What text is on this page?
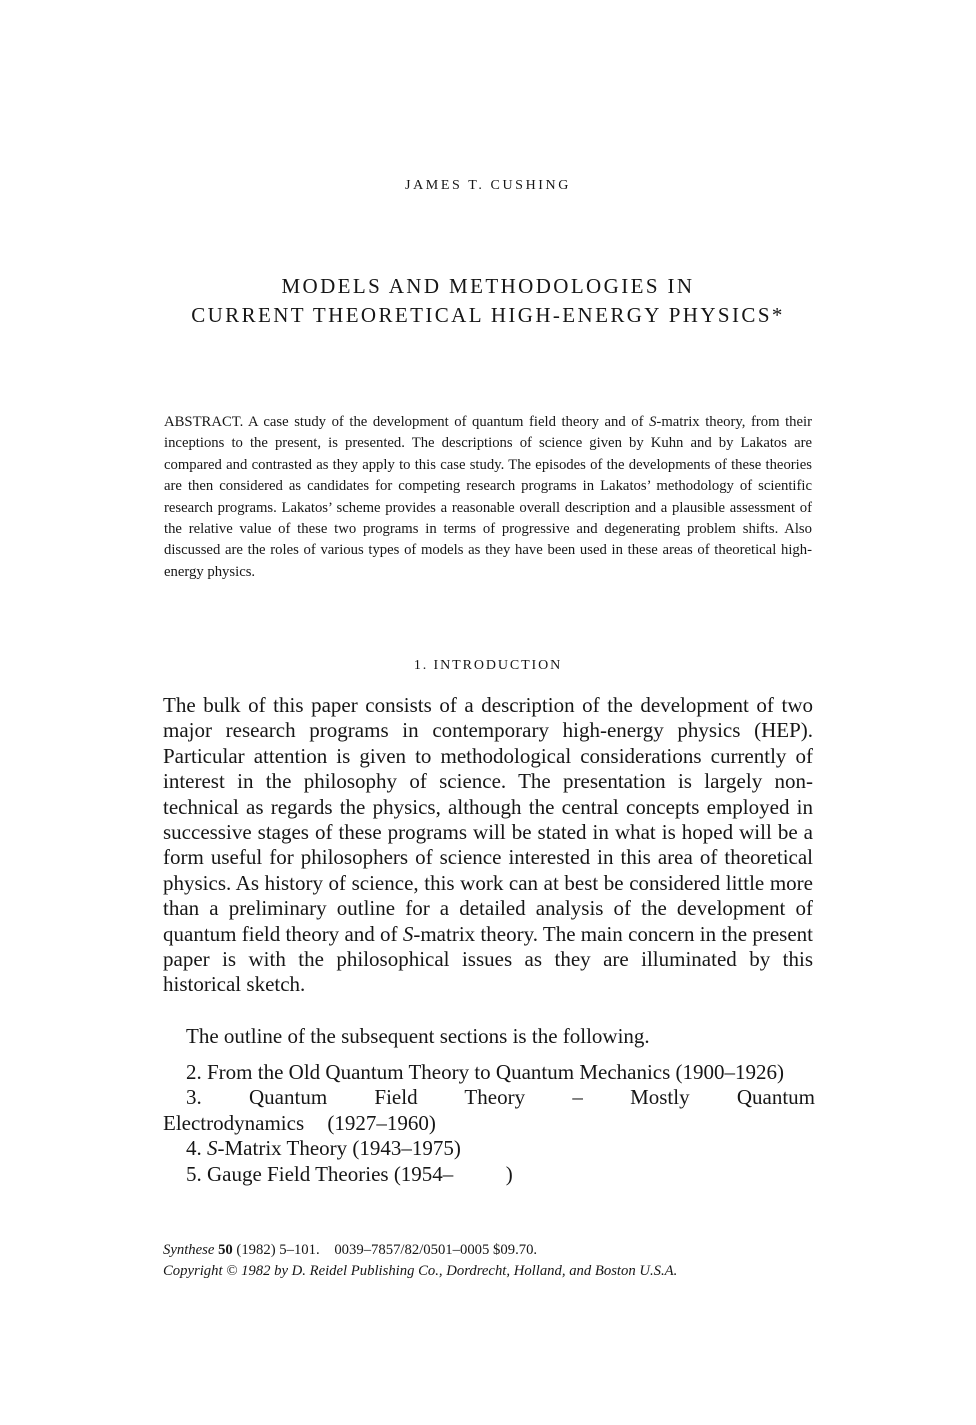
JAMES T. CUSHING
MODELS AND METHODOLOGIES IN
CURRENT THEORETICAL HIGH-ENERGY PHYSICS*
ABSTRACT. A case study of the development of quantum field theory and of S-matrix theory, from their inceptions to the present, is presented. The descriptions of science given by Kuhn and by Lakatos are compared and contrasted as they apply to this case study. The episodes of the developments of these theories are then considered as candidates for competing research programs in Lakatos’ methodology of scientific research programs. Lakatos’ scheme provides a reasonable overall description and a plausible assessment of the relative value of these two programs in terms of progressive and degenerating problem shifts. Also discussed are the roles of various types of models as they have been used in these areas of theoretical high-energy physics.
1. INTRODUCTION

The bulk of this paper consists of a description of the development of two major research programs in contemporary high-energy physics (HEP). Particular attention is given to methodological considerations currently of interest in the philosophy of science. The presentation is largely non-technical as regards the physics, although the central concepts employed in successive stages of these programs will be stated in what is hoped will be a form useful for philosophers of science interested in this area of theoretical physics. As history of science, this work can at best be considered little more than a preliminary outline for a detailed analysis of the development of quantum field theory and of S-matrix theory. The main concern in the present paper is with the philosophical issues as they are illuminated by this historical sketch.

The outline of the subsequent sections is the following.

2. From the Old Quantum Theory to Quantum Mechanics (1900–1926)

3. Quantum Field Theory – Mostly Quantum Electrodynamics (1927–1960)

4. S-Matrix Theory (1943–1975)

5. Gauge Field Theories (1954–   )

Synthese 50 (1982) 5–101.  0039–7857/82/0501–0005 $09.70.
Copyright © 1982 by D. Reidel Publishing Co., Dordrecht, Holland, and Boston U.S.A.
